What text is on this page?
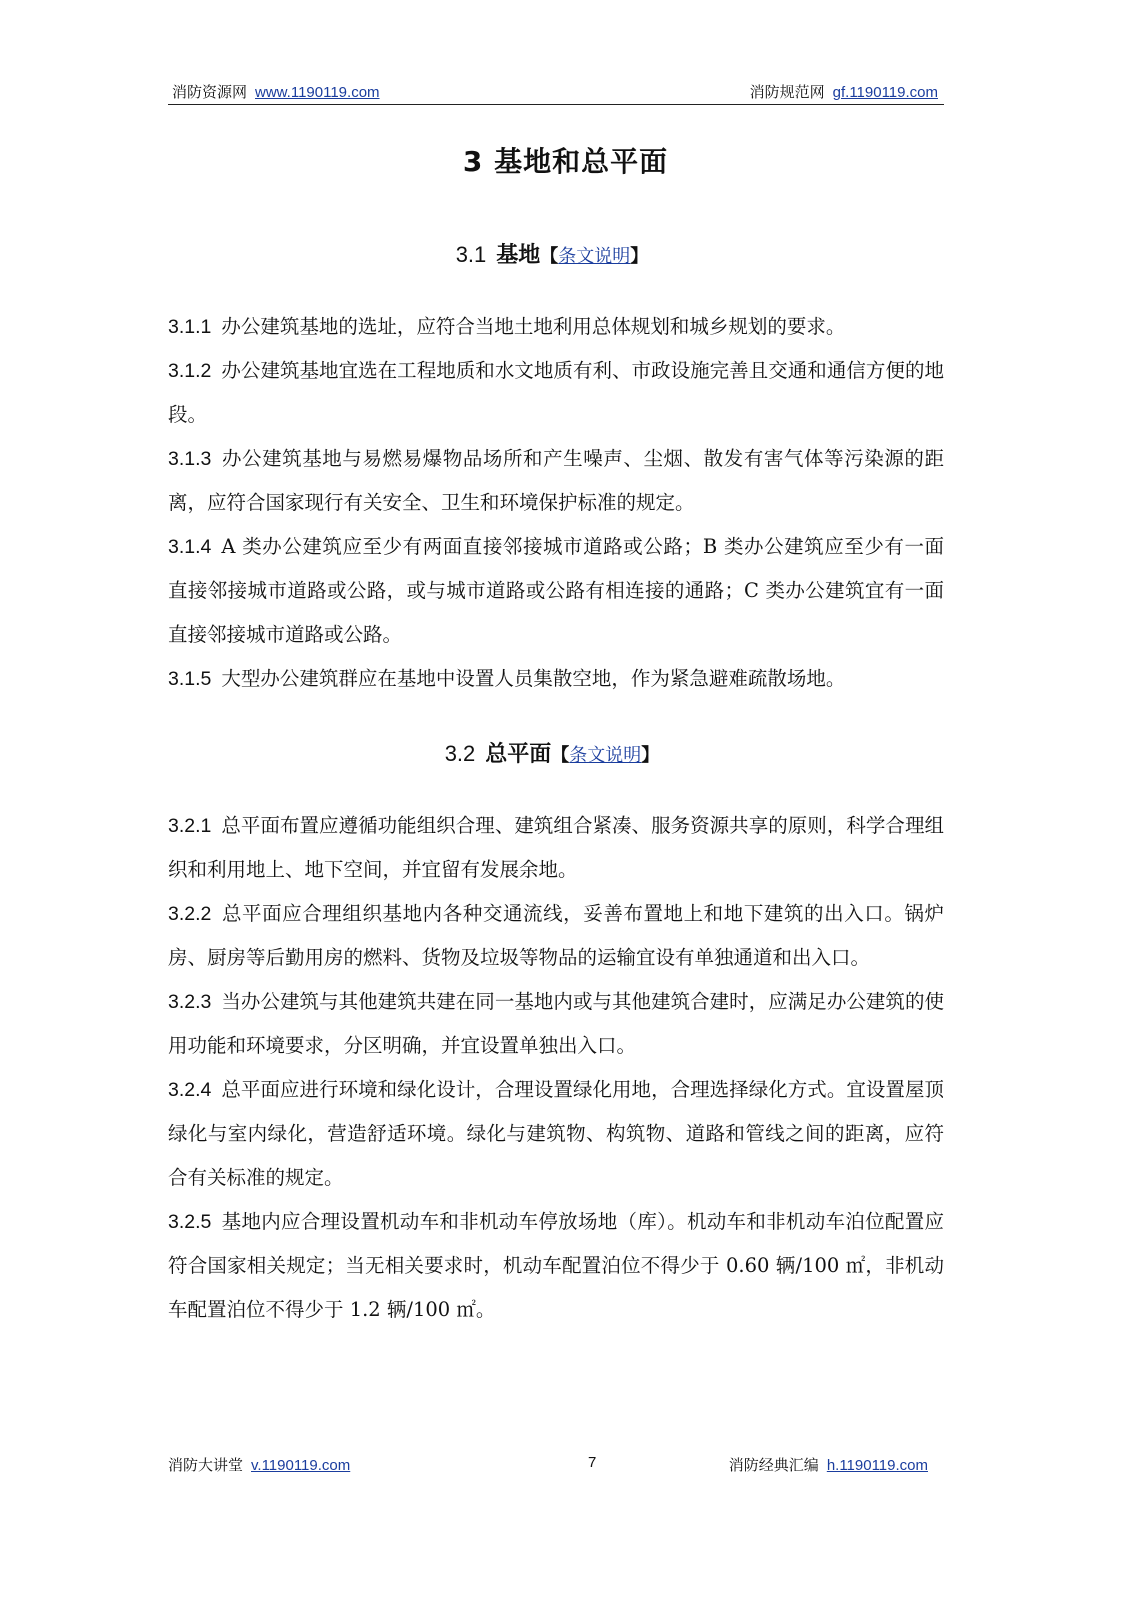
消防资源网 www.1190119.com	消防规范网 gf.1190119.com
3 基地和总平面
3.1 基地【条文说明】

3.1.1 办公建筑基地的选址，应符合当地土地利用总体规划和城乡规划的要求。

3.1.2 办公建筑基地宜选在工程地质和水文地质有利、市政设施完善且交通和通信方便的地段。

3.1.3 办公建筑基地与易燃易爆物品场所和产生噪声、尘烟、散发有害气体等污染源的距离，应符合国家现行有关安全、卫生和环境保护标准的规定。

3.1.4 A 类办公建筑应至少有两面直接邻接城市道路或公路；B 类办公建筑应至少有一面直接邻接城市道路或公路，或与城市道路或公路有相连接的通路；C 类办公建筑宜有一面直接邻接城市道路或公路。

3.1.5 大型办公建筑群应在基地中设置人员集散空地，作为紧急避难疏散场地。

3.2 总平面【条文说明】

3.2.1 总平面布置应遵循功能组织合理、建筑组合紧凑、服务资源共享的原则，科学合理组织和利用地上、地下空间，并宜留有发展余地。

3.2.2 总平面应合理组织基地内各种交通流线，妥善布置地上和地下建筑的出入口。锅炉房、厨房等后勤用房的燃料、货物及垃圾等物品的运输宜设有单独通道和出入口。

3.2.3 当办公建筑与其他建筑共建在同一基地内或与其他建筑合建时，应满足办公建筑的使用功能和环境要求，分区明确，并宜设置单独出入口。

3.2.4 总平面应进行环境和绿化设计，合理设置绿化用地，合理选择绿化方式。宜设置屋顶绿化与室内绿化，营造舒适环境。绿化与建筑物、构筑物、道路和管线之间的距离，应符合有关标准的规定。

3.2.5 基地内应合理设置机动车和非机动车停放场地（库）。机动车和非机动车泊位配置应符合国家相关规定；当无相关要求时，机动车配置泊位不得少于 0.60 辆/100 ㎡，非机动车配置泊位不得少于 1.2 辆/100 ㎡。

消防大讲堂 v.1190119.com	7	消防经典汇编 h.1190119.com
